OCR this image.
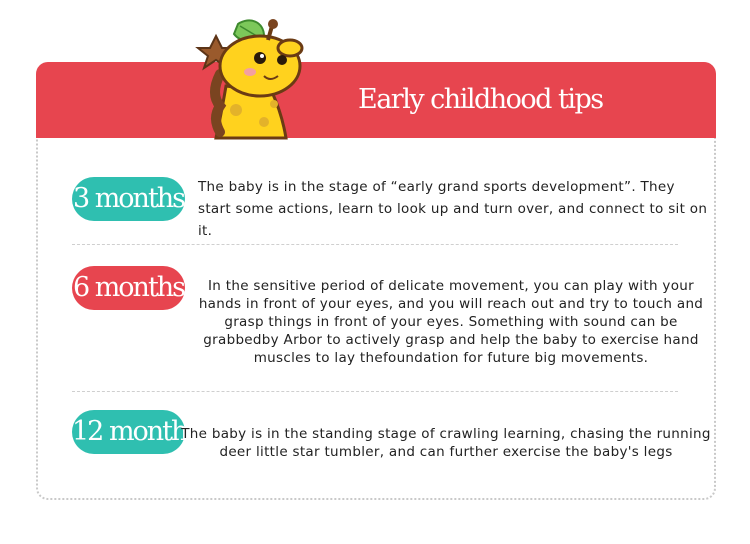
Early childhood tips
3 months The baby is in the stage of “early grand sports development”. They start some actions, learn to look up and turn over, and connect to sit on it.
6 months	In the sensitive period of delicate movement, you can play with your hands in front of your eyes, and you will reach out and try to touch and grasp things in front of your eyes. Something with sound can be grabbedby Arbor to actively grasp and help the baby to exercise hand muscles to lay thefoundation for future big movements.
12 months
The baby is in the standing stage of crawling learning, chasing the running deer little star tumbler, and can further exercise the baby's legs
